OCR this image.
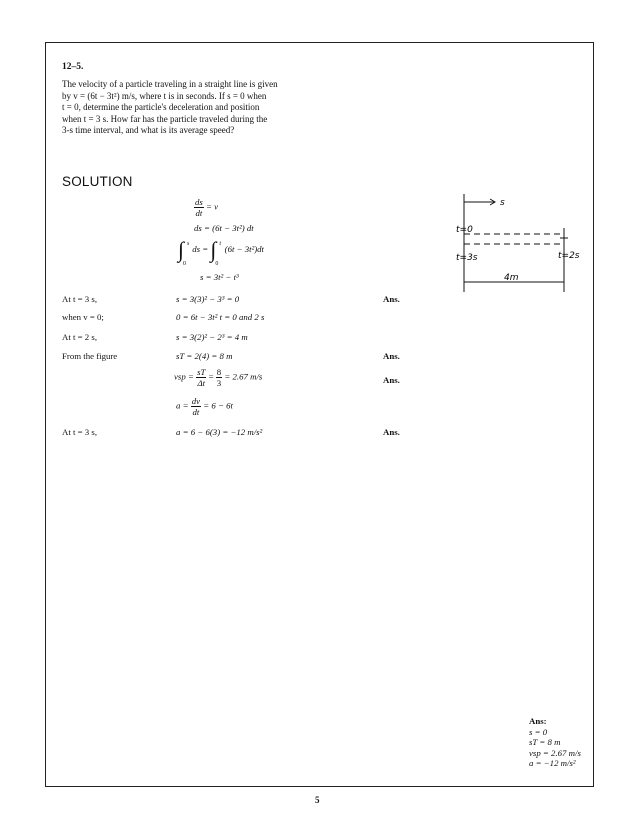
12–5.
The velocity of a particle traveling in a straight line is given
by v = (6t − 3t²) m/s, where t is in seconds. If s = 0 when
t = 0, determine the particle's deceleration and position
when t = 3 s. How far has the particle traveled during the
3-s time interval, and what is its average speed?
SOLUTION
$\frac{ds}{dt} = v$
ds = (6t − 3t²) dt
∫ s
0
ds = ∫ t
0
(6t − 3t²)dt
s = 3t² − t³
At t = 3 s,	s = 3(3)² − 3³ = 0	Ans.
when v = 0;	0 = 6t − 3t² t = 0 and 2 s
At t = 2 s,	s = 3(2)² − 2³ = 4 m
From the figure	sT = 2(4) = 8 m	Ans.
vsp = $\frac{sT}{\Delta t} = \frac{8}{3} = 2.67$ m/s	Ans.
$a = \frac{dv}{dt} = 6 - 6t$
At t = 3 s,	a = 6 − 6(3) = −12 m/s²	Ans.
s
t=0
t=3s	t=2s
4m
Ans:
s = 0
sT = 8 m
vsp = 2.67 m/s
a = −12 m/s²
5
